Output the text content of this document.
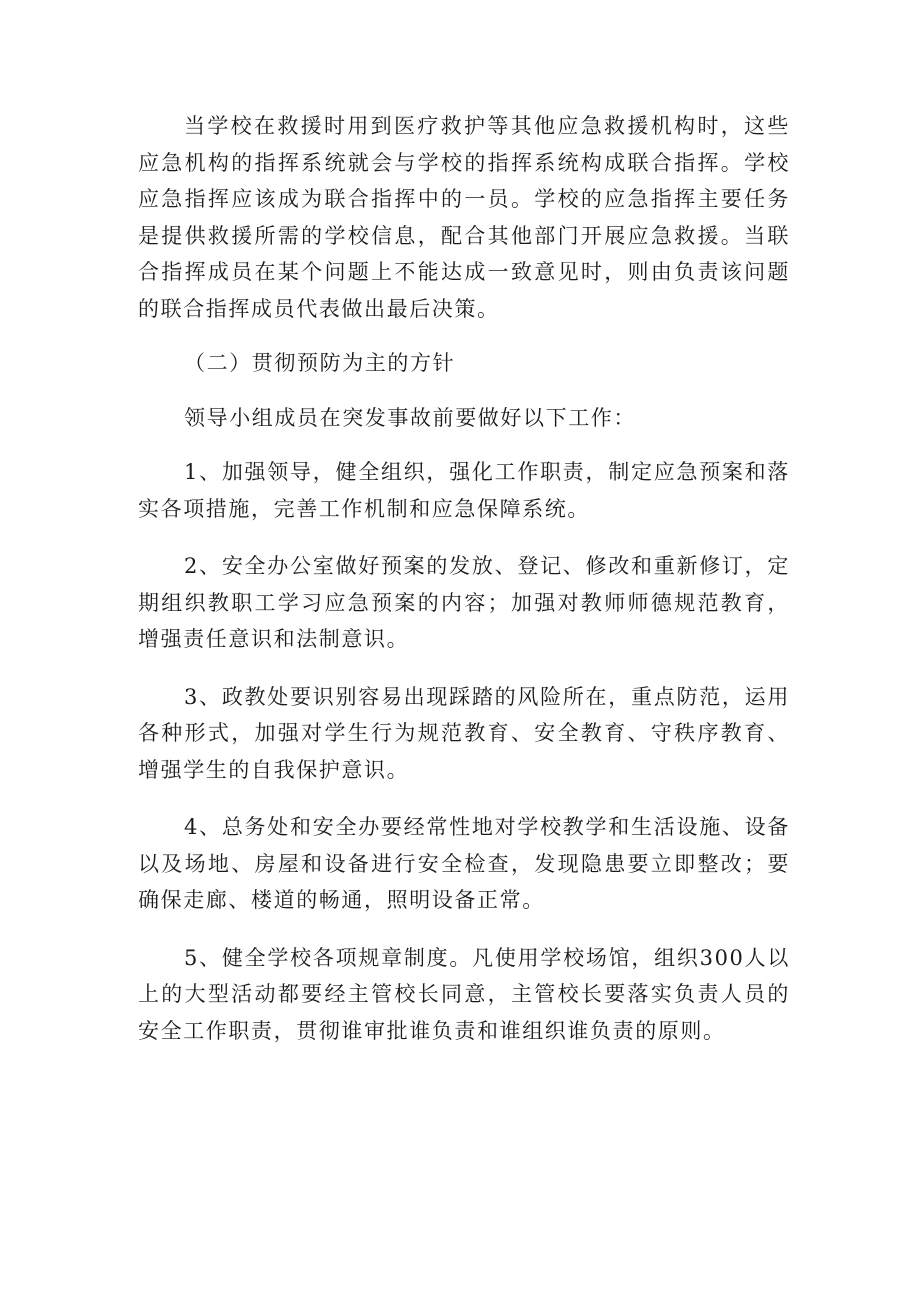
当学校在救援时用到医疗救护等其他应急救援机构时，这些应急机构的指挥系统就会与学校的指挥系统构成联合指挥。学校应急指挥应该成为联合指挥中的一员。学校的应急指挥主要任务是提供救援所需的学校信息，配合其他部门开展应急救援。当联合指挥成员在某个问题上不能达成一致意见时，则由负责该问题的联合指挥成员代表做出最后决策。

（二）贯彻预防为主的方针

领导小组成员在突发事故前要做好以下工作：

1、加强领导，健全组织，强化工作职责，制定应急预案和落实各项措施，完善工作机制和应急保障系统。

2、安全办公室做好预案的发放、登记、修改和重新修订，定期组织教职工学习应急预案的内容；加强对教师师德规范教育，增强责任意识和法制意识。

3、政教处要识别容易出现踩踏的风险所在，重点防范，运用各种形式，加强对学生行为规范教育、安全教育、守秩序教育、增强学生的自我保护意识。

4、总务处和安全办要经常性地对学校教学和生活设施、设备以及场地、房屋和设备进行安全检查，发现隐患要立即整改；要确保走廊、楼道的畅通，照明设备正常。

5、健全学校各项规章制度。凡使用学校场馆，组织300人以上的大型活动都要经主管校长同意，主管校长要落实负责人员的安全工作职责，贯彻谁审批谁负责和谁组织谁负责的原则。
